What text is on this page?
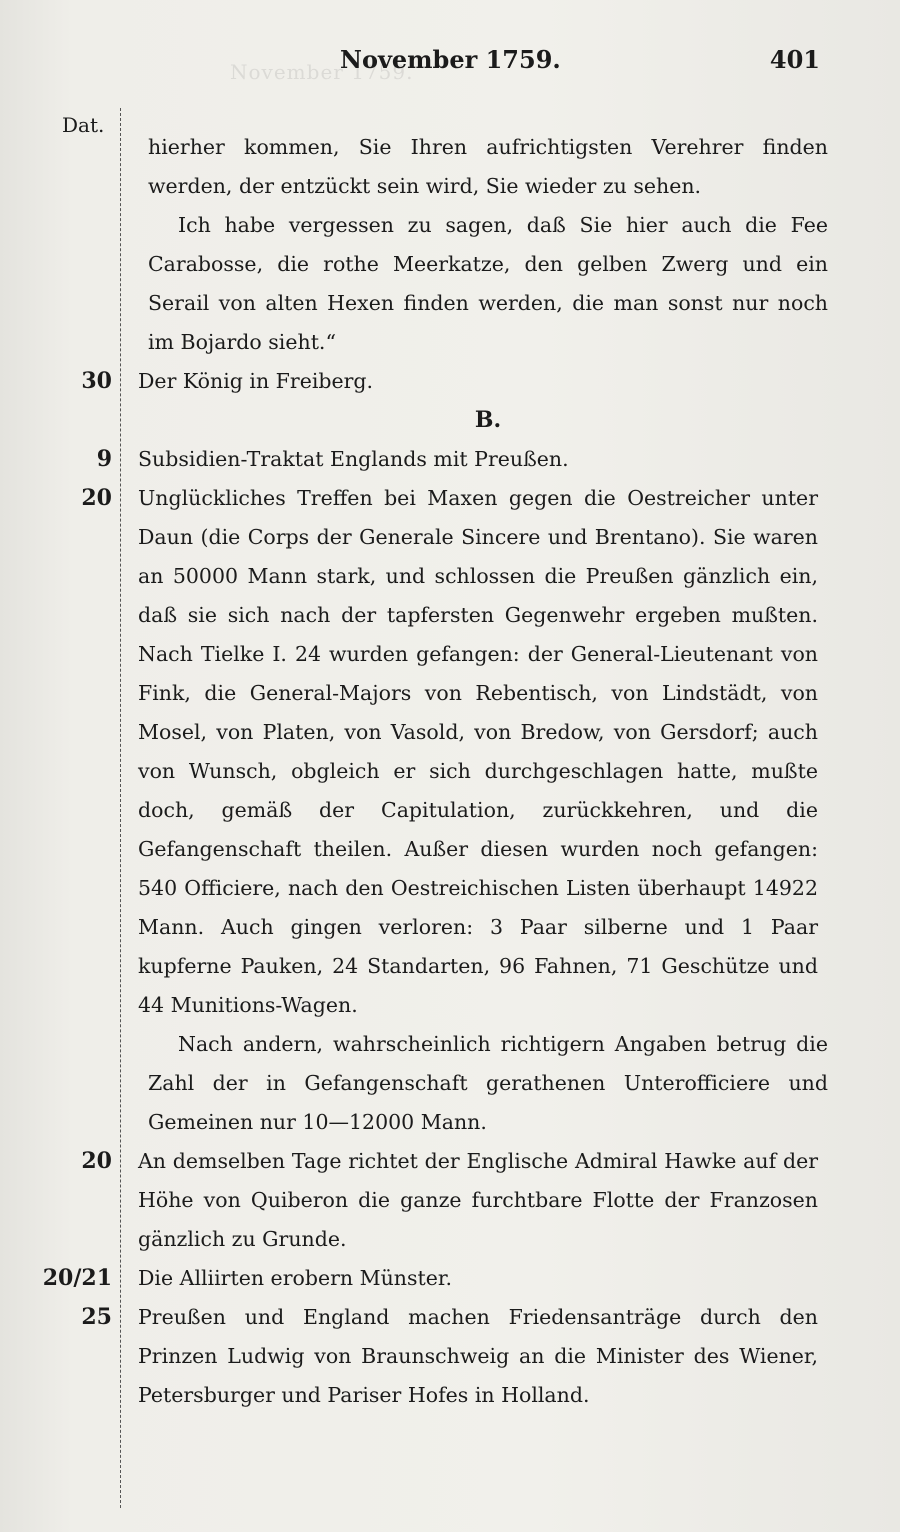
November 1759.
November 1759.	401
Dat.
hierher kommen, Sie Ihren aufrichtigsten Verehrer finden werden, der entzückt sein wird, Sie wieder zu sehen.
Ich habe vergessen zu sagen, daß Sie hier auch die Fee Carabosse, die rothe Meerkatze, den gelben Zwerg und ein Serail von alten Hexen finden werden, die man sonst nur noch im Bojardo sieht.“
30 Der König in Freiberg.
B.
9 Subsidien-Traktat Englands mit Preußen.
20 Unglückliches Treffen bei Maxen gegen die Oestreicher unter Daun (die Corps der Generale Sincere und Brentano). Sie waren an 50000 Mann stark, und schlossen die Preußen gänzlich ein, daß sie sich nach der tapfersten Gegenwehr ergeben mußten. Nach Tielke I. 24 wurden gefangen: der General-Lieutenant von Fink, die General-Majors von Rebentisch, von Lindstädt, von Mosel, von Platen, von Vasold, von Bredow, von Gersdorf; auch von Wunsch, obgleich er sich durchgeschlagen hatte, mußte doch, gemäß der Capitulation, zurückkehren, und die Gefangenschaft theilen. Außer diesen wurden noch gefangen: 540 Officiere, nach den Oestreichischen Listen überhaupt 14922 Mann. Auch gingen verloren: 3 Paar silberne und 1 Paar kupferne Pauken, 24 Standarten, 96 Fahnen, 71 Geschütze und 44 Munitions-Wagen.
Nach andern, wahrscheinlich richtigern Angaben betrug die Zahl der in Gefangenschaft gerathenen Unterofficiere und Gemeinen nur 10—12000 Mann.
20 An demselben Tage richtet der Englische Admiral Hawke auf der Höhe von Quiberon die ganze furchtbare Flotte der Franzosen gänzlich zu Grunde.
20/21 Die Alliirten erobern Münster.
25 Preußen und England machen Friedensanträge durch den Prinzen Ludwig von Braunschweig an die Minister des Wiener, Petersburger und Pariser Hofes in Holland.
